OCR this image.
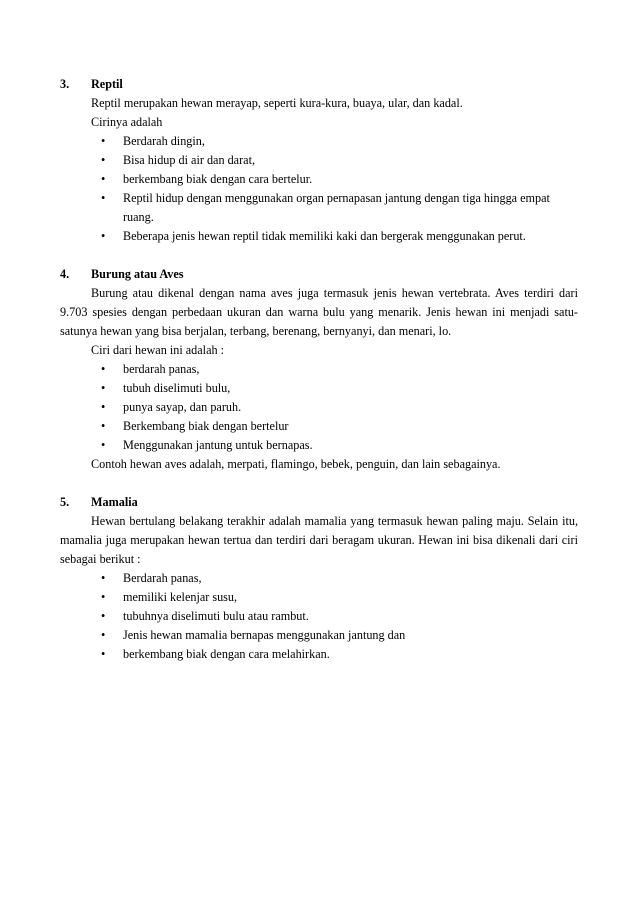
3.	Reptil
Reptil merupakan hewan merayap, seperti kura-kura, buaya, ular, dan kadal.
Cirinya adalah
•	Berdarah dingin,
•	Bisa hidup di air dan darat,
•	berkembang biak dengan cara bertelur.
•	Reptil hidup dengan menggunakan organ pernapasan jantung dengan tiga hingga empat ruang.
•	Beberapa jenis hewan reptil tidak memiliki kaki dan bergerak menggunakan perut.
4.	Burung atau Aves
Burung atau dikenal dengan nama aves juga termasuk jenis hewan vertebrata. Aves terdiri dari 9.703 spesies dengan perbedaan ukuran dan warna bulu yang menarik. Jenis hewan ini menjadi satu-satunya hewan yang bisa berjalan, terbang, berenang, bernyanyi, dan menari, lo.
Ciri dari hewan ini adalah :
•	berdarah panas,
•	tubuh diselimuti bulu,
•	punya sayap, dan paruh.
•	Berkembang biak dengan bertelur
•	Menggunakan jantung untuk bernapas.
Contoh hewan aves adalah, merpati, flamingo, bebek, penguin, dan lain sebagainya.
5.	Mamalia
Hewan bertulang belakang terakhir adalah mamalia yang termasuk hewan paling maju. Selain itu, mamalia juga merupakan hewan tertua dan terdiri dari beragam ukuran. Hewan ini bisa dikenali dari ciri sebagai berikut :
•	Berdarah panas,
•	memiliki kelenjar susu,
•	tubuhnya diselimuti bulu atau rambut.
•	Jenis hewan mamalia bernapas menggunakan jantung dan
•	berkembang biak dengan cara melahirkan.
